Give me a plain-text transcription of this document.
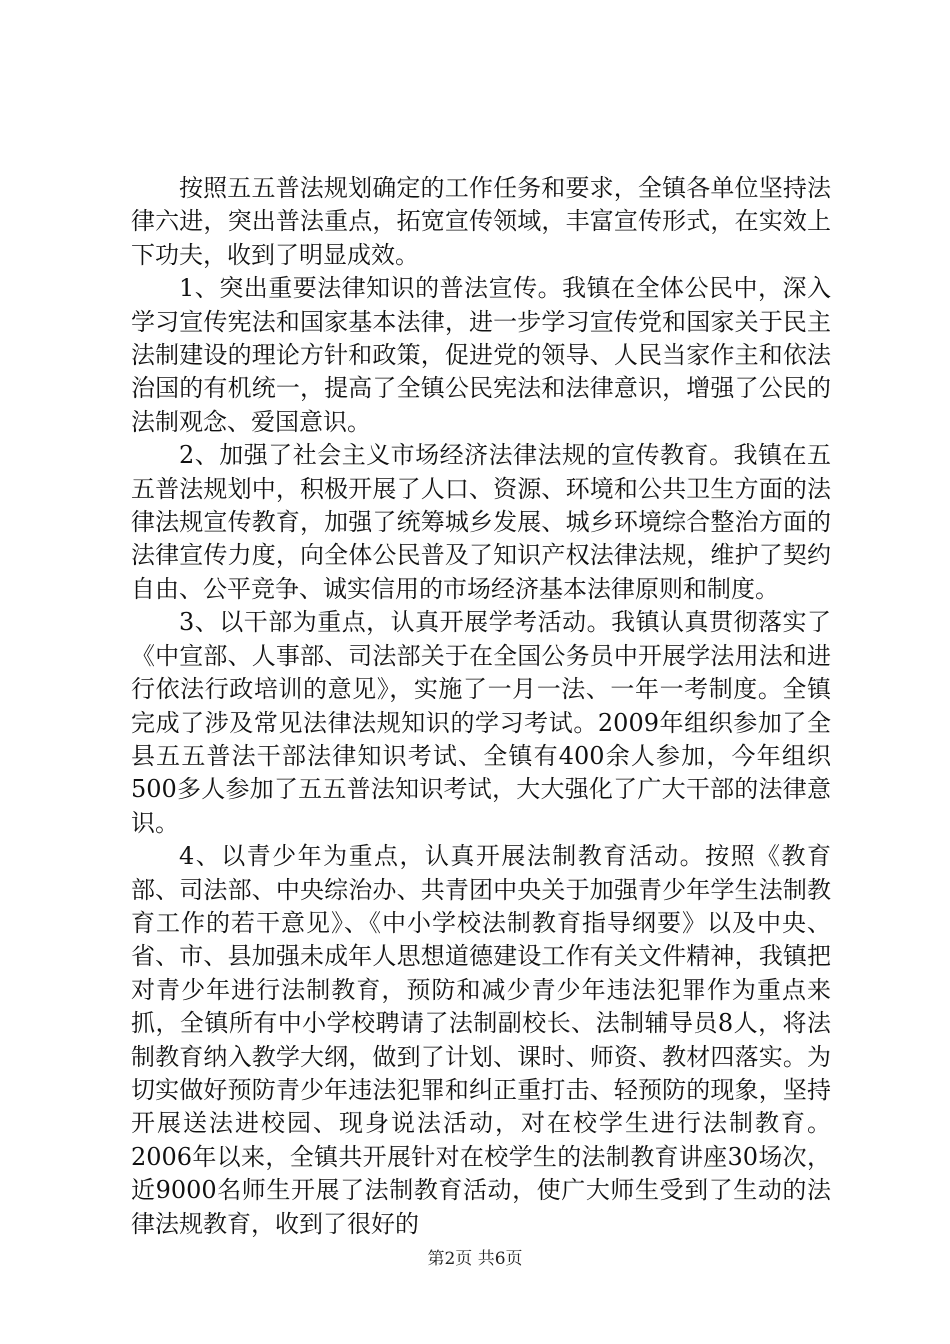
按照五五普法规划确定的工作任务和要求，全镇各单位坚持法律六进，突出普法重点，拓宽宣传领域，丰富宣传形式，在实效上下功夫，收到了明显成效。

1、突出重要法律知识的普法宣传。我镇在全体公民中，深入学习宣传宪法和国家基本法律，进一步学习宣传党和国家关于民主法制建设的理论方针和政策，促进党的领导、人民当家作主和依法治国的有机统一，提高了全镇公民宪法和法律意识，增强了公民的法制观念、爱国意识。

2、加强了社会主义市场经济法律法规的宣传教育。我镇在五五普法规划中，积极开展了人口、资源、环境和公共卫生方面的法律法规宣传教育，加强了统筹城乡发展、城乡环境综合整治方面的法律宣传力度，向全体公民普及了知识产权法律法规，维护了契约自由、公平竞争、诚实信用的市场经济基本法律原则和制度。

3、以干部为重点，认真开展学考活动。我镇认真贯彻落实了《中宣部、人事部、司法部关于在全国公务员中开展学法用法和进行依法行政培训的意见》，实施了一月一法、一年一考制度。全镇完成了涉及常见法律法规知识的学习考试。2009年组织参加了全县五五普法干部法律知识考试、全镇有400余人参加，今年组织500多人参加了五五普法知识考试，大大强化了广大干部的法律意识。

4、以青少年为重点，认真开展法制教育活动。按照《教育部、司法部、中央综治办、共青团中央关于加强青少年学生法制教育工作的若干意见》、《中小学校法制教育指导纲要》以及中央、省、市、县加强未成年人思想道德建设工作有关文件精神，我镇把对青少年进行法制教育，预防和减少青少年违法犯罪作为重点来抓，全镇所有中小学校聘请了法制副校长、法制辅导员8人，将法制教育纳入教学大纲，做到了计划、课时、师资、教材四落实。为切实做好预防青少年违法犯罪和纠正重打击、轻预防的现象，坚持开展送法进校园、现身说法活动，对在校学生进行法制教育。2006年以来，全镇共开展针对在校学生的法制教育讲座30场次，近9000名师生开展了法制教育活动，使广大师生受到了生动的法律法规教育，收到了很好的

第2页 共6页
